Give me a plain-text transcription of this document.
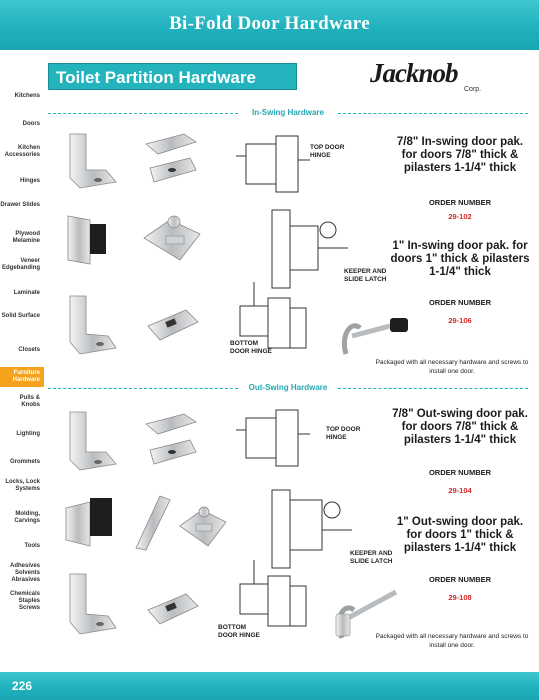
Bi-Fold Door Hardware
Kitchens
Doors
Kitchen Accessories
Hinges
Drawer Slides
Plywood Melamine
Veneer Edgebanding
Laminate
Solid Surface
Closets
Furniture Hardware
Pulls & Knobs
Lighting
Grommets
Locks, Lock Systems
Molding, Carvings
Tools
Adhesives Solvents Abrasives
Chemicals Staples Screws
Toilet Partition Hardware	Jacknob
Corp.
In-Swing Hardware
TOP DOOR HINGE
KEEPER AND SLIDE LATCH
BOTTOM DOOR HINGE
7/8" In-swing door pak. for doors 7/8" thick & pilasters 1-1/4" thick
ORDER NUMBER
29-102
1" In-swing door pak. for doors 1" thick & pilasters 1-1/4" thick
ORDER NUMBER
29-106
Packaged with all necessary hardware and screws to install one door.
Out-Swing Hardware
TOP DOOR HINGE
KEEPER AND SLIDE LATCH
BOTTOM DOOR HINGE
7/8" Out-swing door pak. for doors 7/8" thick & pilasters 1-1/4" thick
ORDER NUMBER
29-104
1" Out-swing door pak. for doors 1" thick & pilasters 1-1/4" thick
ORDER NUMBER
29-108
Packaged with all necessary hardware and screws to install one door.
226
